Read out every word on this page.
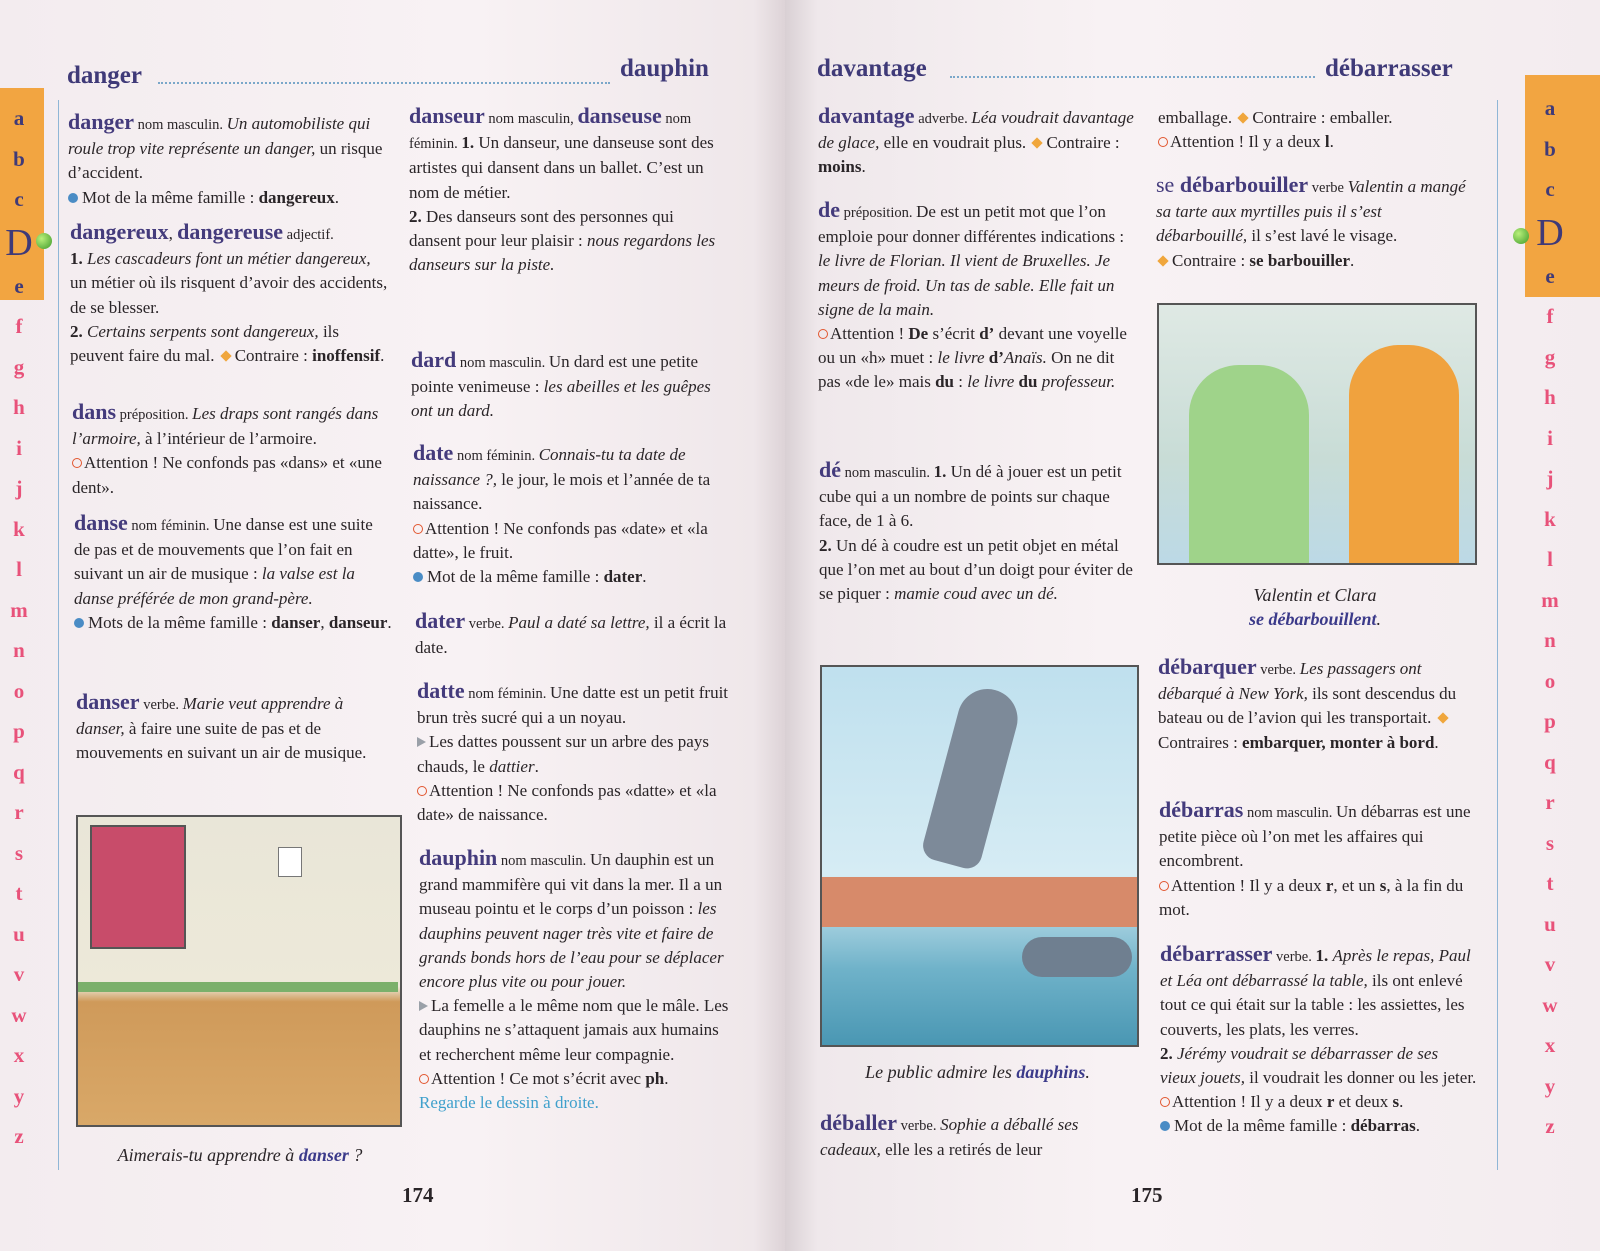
danger	dauphin
a
b
c
D
e
f
g
h
i
j
k
l
m
n
o
p
q
r
s
t
u
v
w
x
y
z
danger nom masculin. Un automobiliste qui roule trop vite représente un danger, un risque d’accident.
Mot de la même famille : dangereux.
dangereux, dangereuse adjectif.
1. Les cascadeurs font un métier dangereux, un métier où ils risquent d’avoir des accidents, de se blesser.
2. Certains serpents sont dangereux, ils peuvent faire du mal. Contraire : inoffensif.
dans préposition. Les draps sont rangés dans l’armoire, à l’intérieur de l’armoire.
Attention ! Ne confonds pas «dans» et «une dent».
danse nom féminin. Une danse est une suite de pas et de mouvements que l’on fait en suivant un air de musique : la valse est la danse préférée de mon grand-père.
Mots de la même famille : danser, danseur.
danser verbe. Marie veut apprendre à danser, à faire une suite de pas et de mouvements en suivant un air de musique.
Aimerais-tu apprendre à danser ?
danseur nom masculin, danseuse nom féminin. 1. Un danseur, une danseuse sont des artistes qui dansent dans un ballet. C’est un nom de métier.
2. Des danseurs sont des personnes qui dansent pour leur plaisir : nous regardons les danseurs sur la piste.
dard nom masculin. Un dard est une petite pointe venimeuse : les abeilles et les guêpes ont un dard.
date nom féminin. Connais-tu ta date de naissance ?, le jour, le mois et l’année de ta naissance.
Attention ! Ne confonds pas «date» et «la datte», le fruit.
Mot de la même famille : dater.
dater verbe. Paul a daté sa lettre, il a écrit la date.
datte nom féminin. Une datte est un petit fruit brun très sucré qui a un noyau.
Les dattes poussent sur un arbre des pays chauds, le dattier.
Attention ! Ne confonds pas «datte» et «la date» de naissance.
dauphin nom masculin. Un dauphin est un grand mammifère qui vit dans la mer. Il a un museau pointu et le corps d’un poisson : les dauphins peuvent nager très vite et faire de grands bonds hors de l’eau pour se déplacer encore plus vite ou pour jouer.
La femelle a le même nom que le mâle. Les dauphins ne s’attaquent jamais aux humains et recherchent même leur compagnie.
Attention ! Ce mot s’écrit avec ph.
Regarde le dessin à droite.
174
davantage	débarrasser
a
b
c
D
e
f
g
h
i
j
k
l
m
n
o
p
q
r
s
t
u
v
w
x
y
z
davantage adverbe. Léa voudrait davantage de glace, elle en voudrait plus. Contraire : moins.
de préposition. De est un petit mot que l’on emploie pour donner différentes indications : le livre de Florian. Il vient de Bruxelles. Je meurs de froid. Un tas de sable. Elle fait un signe de la main.
Attention ! De s’écrit d’ devant une voyelle ou un «h» muet : le livre d’Anaïs. On ne dit pas «de le» mais du : le livre du professeur.
dé nom masculin. 1. Un dé à jouer est un petit cube qui a un nombre de points sur chaque face, de 1 à 6.
2. Un dé à coudre est un petit objet en métal que l’on met au bout d’un doigt pour éviter de se piquer : mamie coud avec un dé.
Le public admire les dauphins.
déballer verbe. Sophie a déballé ses cadeaux, elle les a retirés de leur
emballage. Contraire : emballer.
Attention ! Il y a deux l.
se débarbouiller verbe Valentin a mangé sa tarte aux myrtilles puis il s’est débarbouillé, il s’est lavé le visage.
Contraire : se barbouiller.
Valentin et Clara
se débarbouillent.
débarquer verbe. Les passagers ont débarqué à New York, ils sont descendus du bateau ou de l’avion qui les transportait. Contraires : embarquer, monter à bord.
débarras nom masculin. Un débarras est une petite pièce où l’on met les affaires qui encombrent.
Attention ! Il y a deux r, et un s, à la fin du mot.
débarrasser verbe. 1. Après le repas, Paul et Léa ont débarrassé la table, ils ont enlevé tout ce qui était sur la table : les assiettes, les couverts, les plats, les verres.
2. Jérémy voudrait se débarrasser de ses vieux jouets, il voudrait les donner ou les jeter.
Attention ! Il y a deux r et deux s.
Mot de la même famille : débarras.
175
